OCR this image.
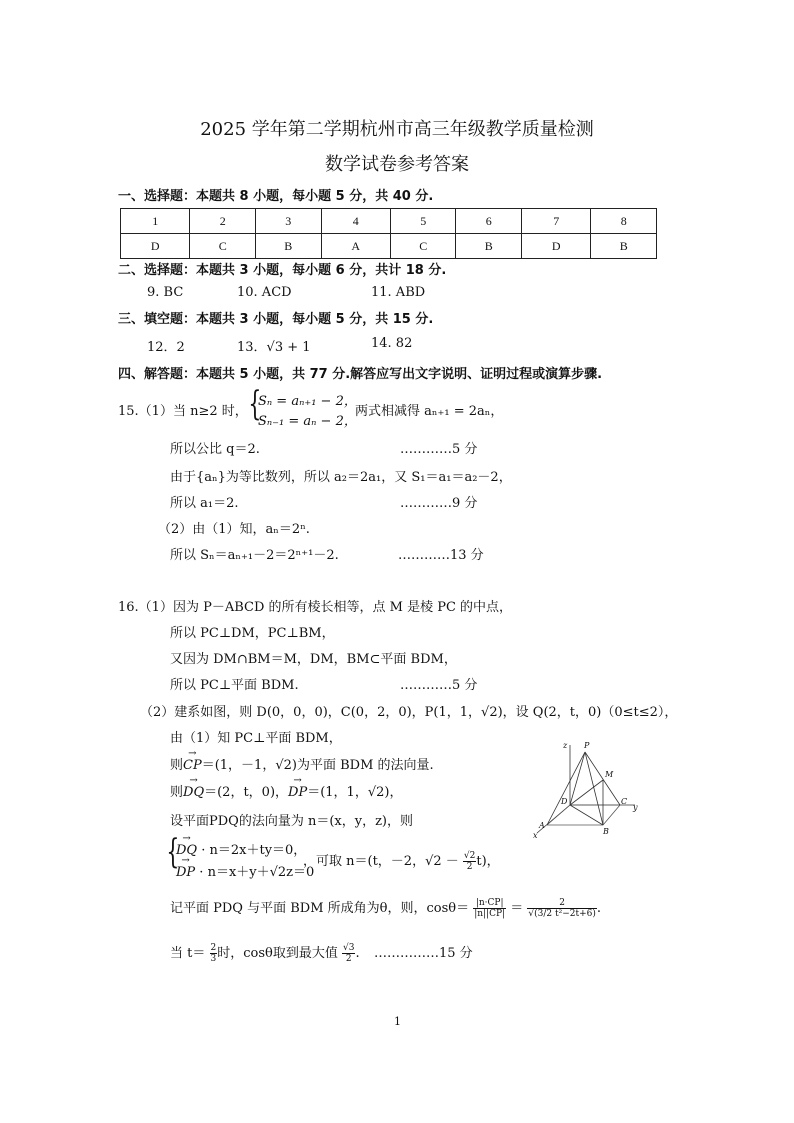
2025 学年第二学期杭州市高三年级教学质量检测
数学试卷参考答案
一、选择题：本题共 8 小题，每小题 5 分，共 40 分.
1	2	3	4	5	6	7	8
D	C	B	A	C	B	D	B
二、选择题：本题共 3 小题，每小题 6 分，共计 18 分.
9. BC	10. ACD	11. ABD
三、填空题：本题共 3 小题，每小题 5 分，共 15 分.
12．2	13．√3 + 1	14. 82
四、解答题：本题共 5 小题，共 77 分.解答应写出文字说明、证明过程或演算步骤.
15.（1）当 n≥2 时， {
Sₙ = aₙ₊₁ − 2，
Sₙ₋₁ = aₙ − 2，
两式相减得 aₙ₊₁ = 2aₙ，
所以公比 q＝2.	…………5 分
由于{aₙ}为等比数列，所以 a₂＝2a₁，又 S₁＝a₁＝a₂－2，
所以 a₁＝2.	…………9 分
（2）由（1）知，aₙ＝2ⁿ.
所以 Sₙ＝aₙ₊₁－2＝2ⁿ⁺¹－2.	…………13 分
16.（1）因为 P－ABCD 的所有棱长相等，点 M 是棱 PC 的中点，
所以 PC⊥DM，PC⊥BM，
又因为 DM∩BM＝M，DM，BM⊂平面 BDM，
所以 PC⊥平面 BDM.	…………5 分
（2）建系如图，则 D(0，0，0)，C(0，2，0)，P(1，1，√2)，设 Q(2，t，0)（0≤t≤2），
由（1）知 PC⊥平面 BDM，
则→ CP＝(1，－1，√2)为平面 BDM 的法向量.
则→ DQ＝(2，t，0)，→ DP＝(1，1，√2)，
设平面PDQ的法向量为 n＝(x，y，z)，则
{
→ DQ · n＝2x＋ty＝0，
→ DP · n＝x＋y＋√2z＝0
，可取 n＝(t，－2，$√2 - \frac{√2}{2} t$)，
记平面 PDQ 与平面 BDM 所成角为θ，则，$\cos\theta= \frac{|n\cdot CP|}{|n||CP|} = \frac{2}{\text{√(3/2 t²−2t+6)}}$ .
当 $t= \frac{2}{3}$ 时，cosθ取到最大值 $\frac{√3}{2}$ . ……………15 分
z P
M
D	C
y
A
B
x
1
